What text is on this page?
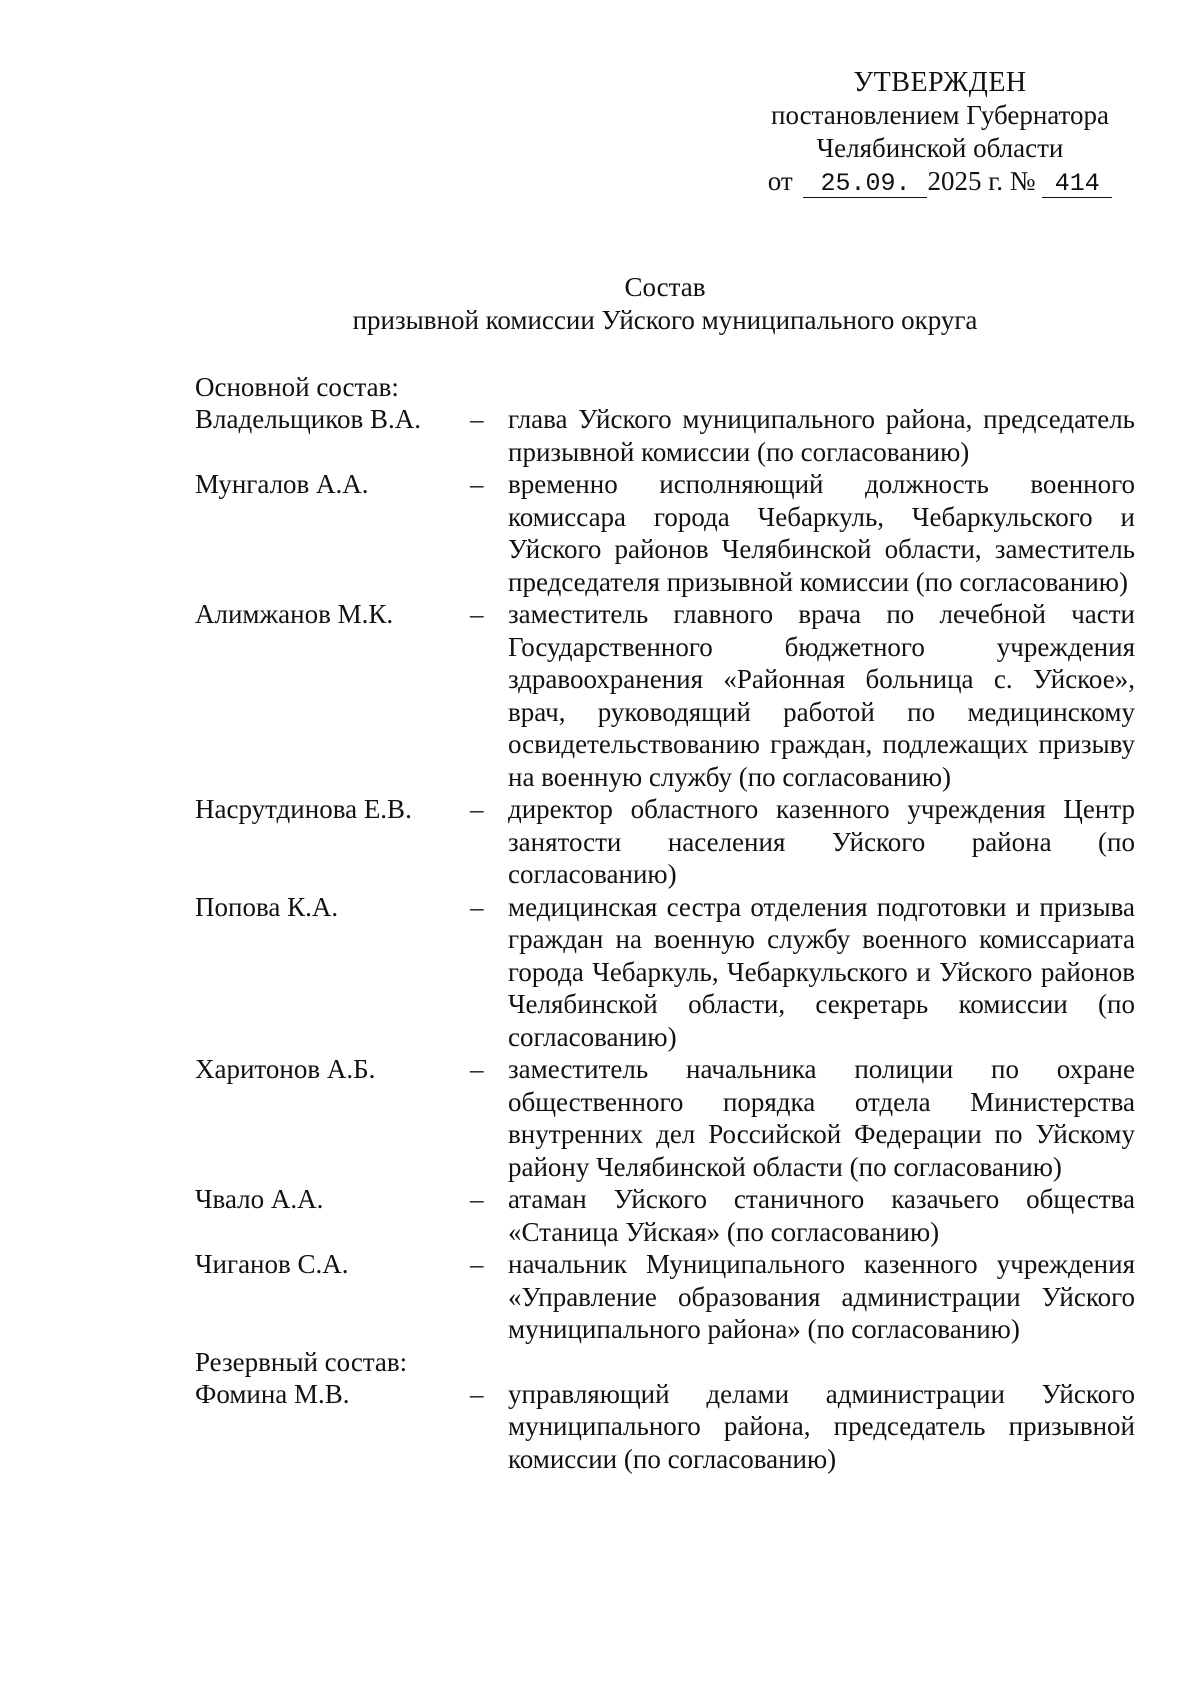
УТВЕРЖДЕН
постановлением Губернатора
Челябинской области
от 25.09. 2025 г. № 414
Состав
призывной комиссии Уйского муниципального округа
Основной состав:
Владельщиков В.А.	– глава Уйского муниципального района, председатель призывной комиссии (по согласованию)
Мунгалов А.А.	– временно исполняющий должность военного комиссара города Чебаркуль, Чебаркульского и Уйского районов Челябинской области, заместитель председателя призывной комиссии (по согласованию)
Алимжанов М.К.	– заместитель главного врача по лечебной части Государственного бюджетного учреждения здравоохранения «Районная больница с. Уйское», врач, руководящий работой по медицинскому освидетельствованию граждан, подлежащих призыву на военную службу (по согласованию)
Насрутдинова Е.В.	– директор областного казенного учреждения Центр занятости населения Уйского района (по согласованию)
Попова К.А.	– медицинская сестра отделения подготовки и призыва граждан на военную службу военного комиссариата города Чебаркуль, Чебаркульского и Уйского районов Челябинской области, секретарь комиссии (по согласованию)
Харитонов А.Б.	– заместитель начальника полиции по охране общественного порядка отдела Министерства внутренних дел Российской Федерации по Уйскому району Челябинской области (по согласованию)
Чвало А.А.	– атаман Уйского станичного казачьего общества «Станица Уйская» (по согласованию)
Чиганов С.А.	– начальник Муниципального казенного учреждения «Управление образования администрации Уйского муниципального района» (по согласованию)
Резервный состав:
Фомина М.В.	– управляющий делами администрации Уйского муниципального района, председатель призывной комиссии (по согласованию)
